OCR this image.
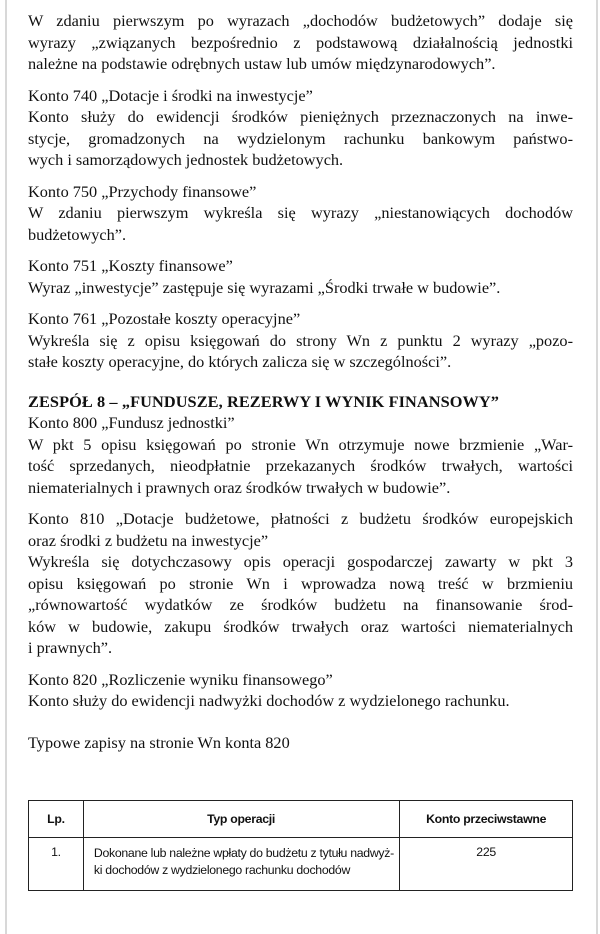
W zdaniu pierwszym po wyrazach „dochodów budżetowych” dodaje się
wyrazy „związanych bezpośrednio z podstawową działalnością jednostki
należne na podstawie odrębnych ustaw lub umów międzynarodowych”.

Konto 740 „Dotacje i środki na inwestycje”
Konto służy do ewidencji środków pieniężnych przeznaczonych na inwe-
stycje, gromadzonych na wydzielonym rachunku bankowym państwo-
wych i samorządowych jednostek budżetowych.

Konto 750 „Przychody finansowe”
W zdaniu pierwszym wykreśla się wyrazy „niestanowiących dochodów
budżetowych”.

Konto 751 „Koszty finansowe”
Wyraz „inwestycje” zastępuje się wyrazami „Środki trwałe w budowie”.

Konto 761 „Pozostałe koszty operacyjne”
Wykreśla się z opisu księgowań do strony Wn z punktu 2 wyrazy „pozo-
stałe koszty operacyjne, do których zalicza się w szczególności”.

ZESPÓŁ 8 – „FUNDUSZE, REZERWY I WYNIK FINANSOWY”
Konto 800 „Fundusz jednostki”
W pkt 5 opisu księgowań po stronie Wn otrzymuje nowe brzmienie „War-
tość sprzedanych, nieodpłatnie przekazanych środków trwałych, wartości
niematerialnych i prawnych oraz środków trwałych w budowie”.

Konto 810 „Dotacje budżetowe, płatności z budżetu środków europejskich
oraz środki z budżetu na inwestycje”
Wykreśla się dotychczasowy opis operacji gospodarczej zawarty w pkt 3
opisu księgowań po stronie Wn i wprowadza nową treść w brzmieniu
„równowartość wydatków ze środków budżetu na finansowanie środ-
ków w budowie, zakupu środków trwałych oraz wartości niematerialnych
i prawnych”.

Konto 820 „Rozliczenie wyniku finansowego”
Konto służy do ewidencji nadwyżki dochodów z wydzielonego rachunku.

Typowe zapisy na stronie Wn konta 820

Lp.	Typ operacji	Konto przeciwstawne
1.	Dokonane lub należne wpłaty do budżetu z tytułu nadwyż-
ki dochodów z wydzielonego rachunku dochodów	225
